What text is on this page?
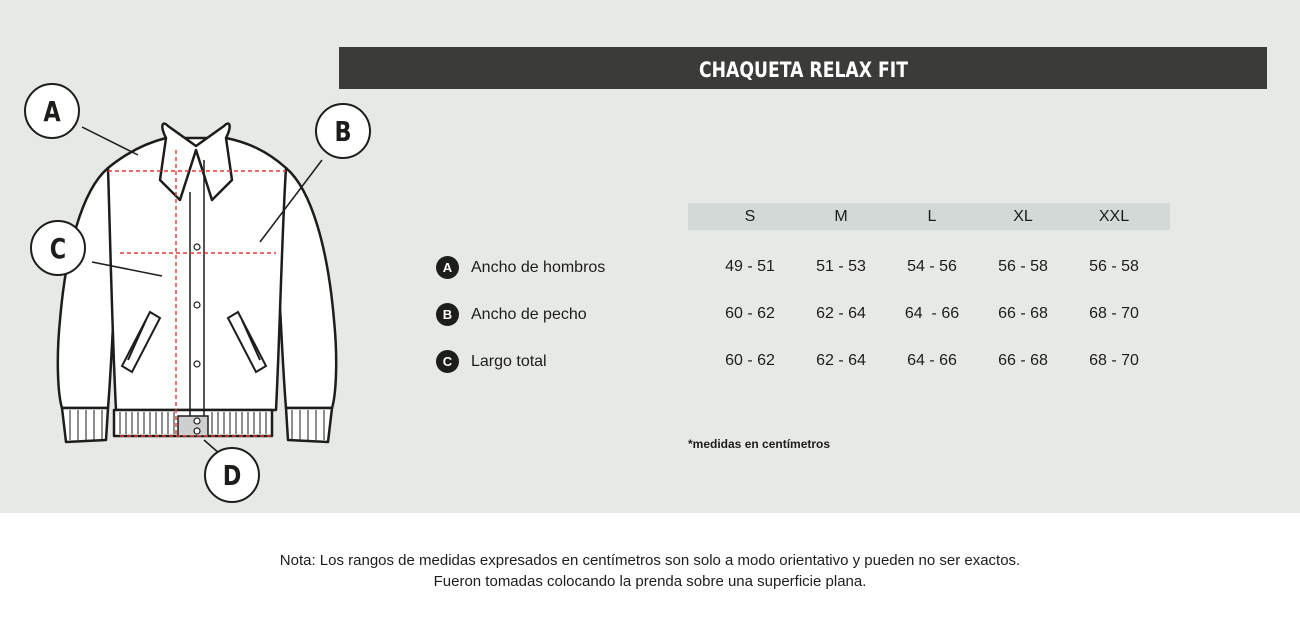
A
B
C
D
CHAQUETA RELAX FIT
S	M	L	XL	XXL
A	Ancho de hombros	49 - 51	51 - 53	54 - 56	56 - 58	56 - 58
B	Ancho de pecho	60 - 62	62 - 64	64  - 66	66 - 68	68 - 70
C	Largo total	60 - 62	62 - 64	64 - 66	66 - 68	68 - 70
*medidas en centímetros
Nota: Los rangos de medidas expresados en centímetros son solo a modo orientativo y pueden no ser exactos.
Fueron tomadas colocando la prenda sobre una superficie plana.
